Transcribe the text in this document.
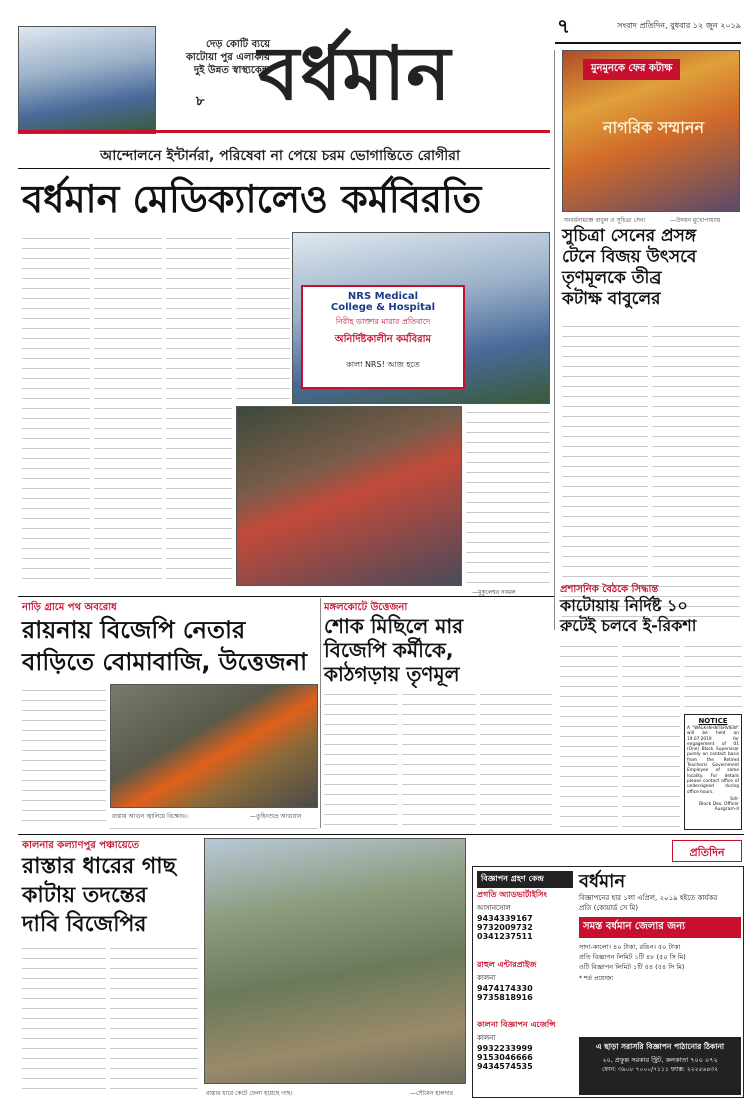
দেড় কোটি ব্যয়ে
কাটোয়া পুর এলাকায়
দুই উন্নত স্বাস্থ্যকেন্দ্র
৮ বর্ধমান
৭	সংবাদ প্রতিদিন, বুধবার ১২ জুন ২০১৯
আন্দোলনে ইন্টার্নরা, পরিষেবা না পেয়ে চরম ভোগান্তিতে রোগীরা
বর্ধমান মেডিক্যালেও কর্মবিরতি
NRS Medical
College & Hospital
নিরীহ ডাক্তার মারার প্রতিবাদে
অনির্দিষ্টকালীন কর্মবিরাম
কালা NRS! আজ হতে
—মুকুলেশ্বর নবমল
মুনমুনকে ফের কটাক্ষ
নাগরিক সম্মানন
সংবর্ধনামঞ্চে বাবুল ও সুচিত্রা সেন।	—উদয়ন মুখোপাধ্যায়
সুচিত্রা সেনের প্রসঙ্গ
টেনে বিজয় উৎসবে
তৃণমূলকে তীব্র
কটাক্ষ বাবুলের
নাড়ি গ্রামে পথ অবরোধ
রায়নায় বিজেপি নেতার
বাড়িতে বোমাবাজি, উত্তেজনা
মঙ্গলকোটে উত্তেজনা
শোক মিছিলে মার
বিজেপি কর্মীকে,
কাঠগড়ায় তৃণমূল
রাস্তায় আগুন জ্বালিয়ে বিক্ষোভ।	—তুহিনশুভ্র আগুয়ান
প্রশাসনিক বৈঠকে সিদ্ধান্ত
কাটোয়ায় নির্দিষ্ট ১০
রুটেই চলবে ই-রিকশা
NOTICE
A "WALK-IN-INTERVIEW" will be held on 19.07.2019 for engagement of 01 (One) Block Supervisor purely on contact basis from the Retired Teachers/ Government Employee of same locality. For details please contact office of undersigned during office hours.
Sd/-
Block Dev. Officer
Ausgram-II
কালনার কল্যাণপুর পঞ্চায়েতে
রাস্তার ধারের গাছ
কাটায় তদন্তের
দাবি বিজেপির
রাস্তার ধারে কেটে ফেলা হয়েছে গাছ।	—সৌমেন হালদার
প্রতিদিন
বিজ্ঞাপন গ্রহণ কেন্দ্র
প্রগতি অ্যাডভার্টাইসিং
আসানসোল
9434339167
9732009732
0341237511
রাহুল এন্টারপ্রাইজ
কালনা
9474174330
9735818916
কালনা বিজ্ঞাপন এজেন্সি
কালনা
9932233999
9153046666
9434574535
বর্ধমান
বিজ্ঞাপনের হার ১লা এপ্রিল, ২০১৯ হইতে কার্যকর
প্রতি (কোয়ার্ড সে মি)
সমস্ত বর্ধমান জেলার জন্য
সাদা-কালো। ৪০ টাকা, রঙিন। ৫০ টাকা
প্রতি বিজ্ঞাপন লিমিট ১টি ৪৮ (৫০ সি মি)
ওটি বিজ্ঞাপন লিমিট ১টি ৫৪ (৫৪ সি মি)
* শর্ত প্রযোজ্য
এ ছাড়া সরাসরি বিজ্ঞাপন পাঠানোর ঠিকানা
২০, প্রফুল্ল সরকার স্ট্রিট, কলকাতা ৭০০ ০৭২
ফোন: ৩৯০৮ ৭০০০/৭১১১ ফ্যাক্স: ২২২৫৬৪৩২
